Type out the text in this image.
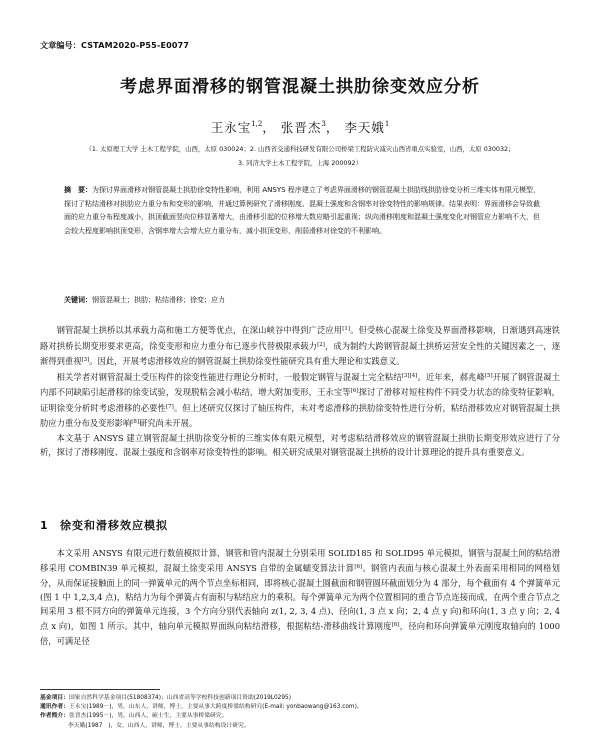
文章编号：CSTAM2020-P55-E0077
考虑界面滑移的钢管混凝土拱肋徐变效应分析
王永宝$^{1,2}$， 张晋杰$^3$， 李天娥$^1$
（1. 太原理工大学 土木工程学院，山西，太原 030024；2. 山西省交通科技研发有限公司桥梁工程防灾减灾山西省重点实验室，山西，太原 030032；
3. 同济大学土木工程学院，上海 200092）
摘　要：为探讨界面滑移对钢管混凝土拱肋徐变特性影响，利用 ANSYS 程序建立了考虑界面滑移的钢管混凝土拱肋线拱肋徐变分析三维实体有限元模型，探讨了粘结滑移对拱肋应力重分布和变形的影响，并通过算例研究了滑移刚度、混凝土强度和含钢率对徐变特性的影响规律。结果表明：界面滑移会导致截面的应力重分布程度减小，拱顶截面竖向位移显著增大，由滑移引起的位移增大数应略引起重视；纵向滑移刚度和混凝土强度变化对钢管应力影响不大，但会较大程度影响拱顶变形，含钢率增大会增大应力重分布，减小拱顶变形，削弱滑移对徐变的不利影响。
关键词：钢管混凝土；拱肋；粘结滑移；徐变；应力

钢管混凝土拱桥以其承载力高和施工方便等优点，在深山峡谷中得到广泛应用[1]。但受核心混凝土徐变及界面滑移影响，日渐遇到高速铁路对拱桥长期变形要求更高，徐变变形和应力重分布已逐步代替极限承载力[2]，成为制约大跨钢管混凝土拱桥运营安全性的关键因素之一，逐渐得到重视[3]。因此，开展考虑滑移效应的钢管混凝土拱肋徐变性能研究具有重大理论和实践意义。

相关学者对钢管混凝土受压构件的徐变性能进行理论分析时，一般假定钢管与混凝土完全粘结[3][4]。近年来，郝兆峰[5]开展了钢管混凝土内部不同缺陷引起滑移的徐变试验，发现脱粘会减小粘结，增大附加变形，王永宝等[6]探讨了滑移对短柱构件不同受力状态的徐变特征影响，证明徐变分析时考虑滑移的必要性[7]。但上述研究仅探讨了轴压构件，未对考虑滑移的拱肋徐变特性进行分析，粘结滑移效应对钢管混凝土拱肋应力重分布及变形影响[8]研究尚未开展。

本文基于 ANSYS 建立钢管混凝土拱肋徐变分析的三维实体有限元模型，对考虑粘结滑移效应的钢管混凝土拱肋长期变形效应进行了分析，探讨了滑移刚度、混凝土强度和含钢率对徐变特性的影响。相关研究成果对钢管混凝土拱桥的设计计算理论的提升具有重要意义。

1 徐变和滑移效应模拟

本文采用 ANSYS 有限元进行数值模拟计算，钢管和管内混凝土分别采用 SOLID185 和 SOLID95 单元模拟，钢管与混凝土间的粘结滑移采用 COMBIN39 单元模拟，混凝土徐变采用 ANSYS 自带的金属蠕变算法计算[6]。钢管内表面与核心混凝土外表面采用相同的网格划分，从而保证接触面上的同一弹簧单元的两个节点坐标相同，即将核心混凝土圆截面和钢管圆环截面划分为 4 部分，每个截面有 4 个弹簧单元(图 1 中 1,2,3,4 点)，粘结力为每个弹簧占有面积与粘结应力的乘积。每个弹簧单元为两个位置相同的重合节点连接而成，在两个重合节点之间采用 3 根不同方向的弹簧单元连接，3 个方向分别代表轴向 z(1, 2, 3, 4 点)、径向(1, 3 点 x 向；2, 4 点 y 向)和环向(1, 3 点 y 向；2, 4 点 x 向)，如图 1 所示。其中，轴向单元模拟界面纵向粘结滑移，根据粘结-滑移曲线计算刚度[6]，径向和环向弹簧单元刚度取轴向的 1000 倍，可满足径

基金项目：国家自然科学基金项目(51808374)；山西省高等学校科技创新项目资助(2019L0295)
通讯作者：王永宝(1989－)，男，山东人，讲师，博士，主要从事大跨度桥梁结构研究(E-mail: yonbaowang@163.com)。
作者简介：张晋杰(1995－)，男，山西人，硕士生，主要从事桥梁研究；
李天娥(1987　)，女，山西人，讲师，博士，主要从事结构设计研究。
